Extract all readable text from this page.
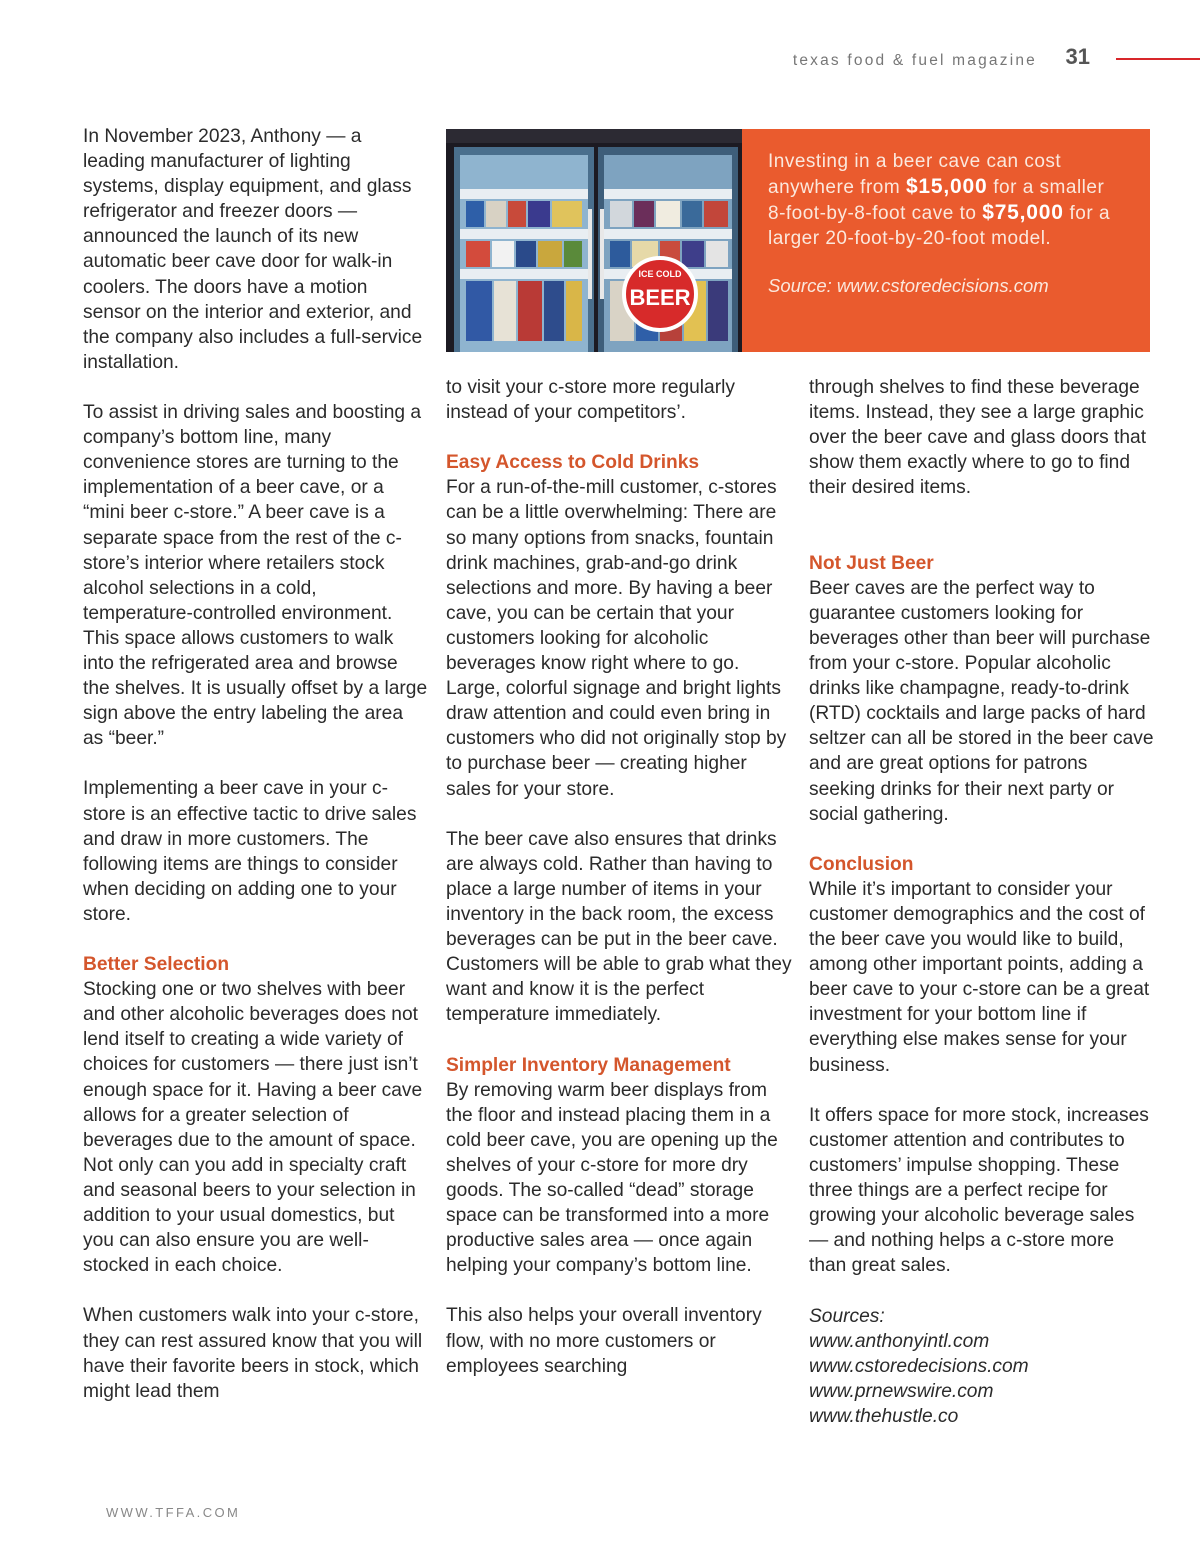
texas food & fuel magazine 31

In November 2023, Anthony — a leading manufacturer of lighting systems, display equipment, and glass refrigerator and freezer doors — announced the launch of its new automatic beer cave door for walk-in coolers. The doors have a motion sensor on the interior and exterior, and the company also includes a full-service installation.

To assist in driving sales and boosting a company’s bottom line, many convenience stores are turning to the implementation of a beer cave, or a “mini beer c-store.” A beer cave is a separate space from the rest of the c-store’s interior where retailers stock alcohol selections in a cold, temperature-controlled environment. This space allows customers to walk into the refrigerated area and browse the shelves. It is usually offset by a large sign above the entry labeling the area as “beer.”

Implementing a beer cave in your c-store is an effective tactic to drive sales and draw in more customers. The following items are things to consider when deciding on adding one to your store.

Better Selection

Stocking one or two shelves with beer and other alcoholic beverages does not lend itself to creating a wide variety of choices for customers — there just isn’t enough space for it. Having a beer cave allows for a greater selection of beverages due to the amount of space. Not only can you add in specialty craft and seasonal beers to your selection in addition to your usual domestics, but you can also ensure you are well-stocked in each choice.

When customers walk into your c-store, they can rest assured know that you will have their favorite beers in stock, which might lead them

ICE COLD
BEER
Investing in a beer cave can cost anywhere from $15,000 for a smaller 8-foot-by-8-foot cave to $75,000 for a larger 20-foot-by-20-foot model.
Source: www.cstoredecisions.com
to visit your c-store more regularly instead of your competitors’.
Easy Access to Cold Drinks

For a run-of-the-mill customer, c-stores can be a little overwhelming: There are so many options from snacks, fountain drink machines, grab-and-go drink selections and more. By having a beer cave, you can be certain that your customers looking for alcoholic beverages know right where to go. Large, colorful signage and bright lights draw attention and could even bring in customers who did not originally stop by to purchase beer — creating higher sales for your store.

The beer cave also ensures that drinks are always cold. Rather than having to place a large number of items in your inventory in the back room, the excess beverages can be put in the beer cave. Customers will be able to grab what they want and know it is the perfect temperature immediately.

Simpler Inventory Management

By removing warm beer displays from the floor and instead placing them in a cold beer cave, you are opening up the shelves of your c-store for more dry goods. The so-called “dead” storage space can be transformed into a more productive sales area — once again helping your company’s bottom line.

This also helps your overall inventory flow, with no more customers or employees searching

through shelves to find these beverage items. Instead, they see a large graphic over the beer cave and glass doors that show them exactly where to go to find their desired items.
Not Just Beer

Beer caves are the perfect way to guarantee customers looking for beverages other than beer will purchase from your c-store. Popular alcoholic drinks like champagne, ready-to-drink (RTD) cocktails and large packs of hard seltzer can all be stored in the beer cave and are great options for patrons seeking drinks for their next party or social gathering.

Conclusion

While it’s important to consider your customer demographics and the cost of the beer cave you would like to build, among other important points, adding a beer cave to your c-store can be a great investment for your bottom line if everything else makes sense for your business.

It offers space for more stock, increases customer attention and contributes to customers’ impulse shopping. These three things are a perfect recipe for growing your alcoholic beverage sales — and nothing helps a c-store more than great sales.

Sources:

www.anthonyintl.com

www.cstoredecisions.com

www.prnewswire.com

www.thehustle.co

WWW.TFFA.COM
